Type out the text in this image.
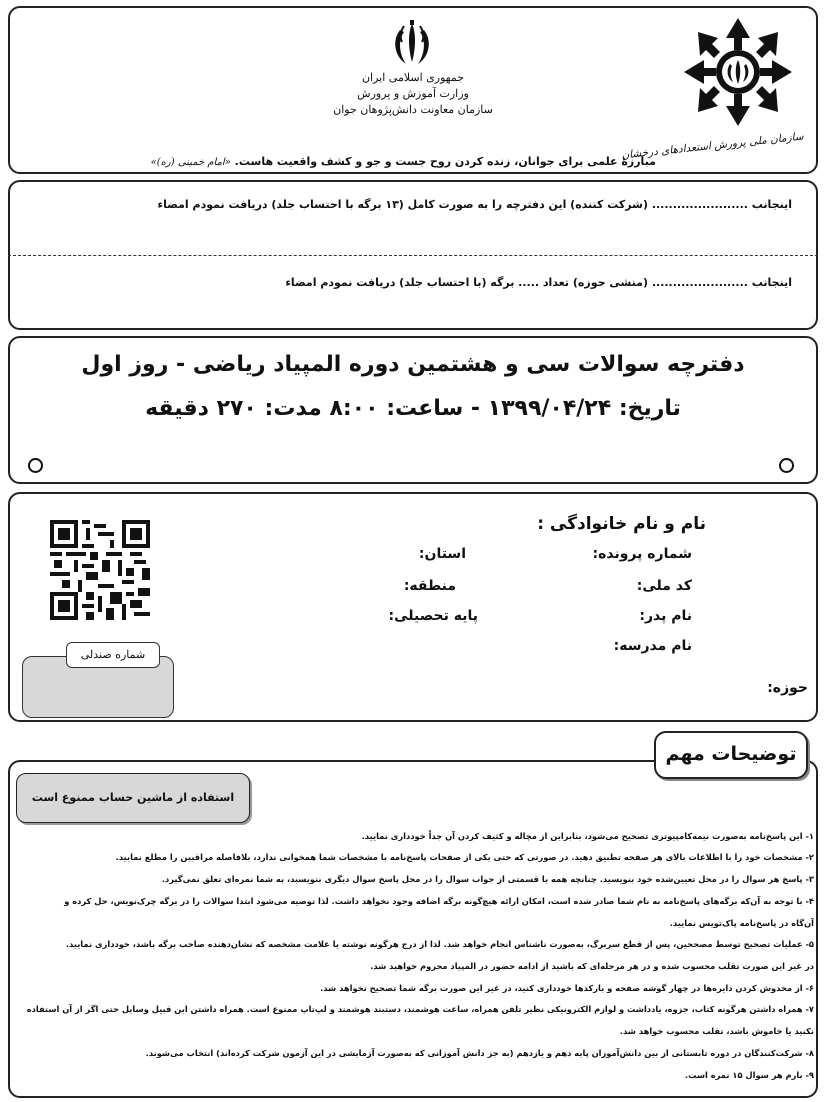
جمهوری اسلامی ایران
وزارت آموزش و پرورش
سازمان معاونت دانش‌پژوهان جوان
سازمان ملی پرورش استعدادهای درخشان
مبارزهٔ علمی برای جوانان، زنده کردن روح جست و جو و کشف واقعیت هاست. «امام خمینی (ره)»
اینجانب ....................... (شرکت کننده) این دفترچه را به صورت کامل (۱۳ برگه با احتساب جلد) دریافت نمودم امضاء
اینجانب ....................... (منشی حوزه) تعداد ..... برگه (با احتساب جلد) دریافت نمودم امضاء
دفترچه سوالات سی و هشتمین دوره المپیاد ریاضی - روز اول
تاریخ: ۱۳۹۹/۰۴/۲۴ - ساعت: ۸:۰۰ مدت: ۲۷۰ دقیقه
نام و نام خانوادگی :
شماره پرونده:
استان:
کد ملی:
منطقه:
نام پدر:
پایه تحصیلی:
نام مدرسه:
حوزه:
شماره صندلی
توضیحات مهم
استفاده از ماشین حساب ممنوع است
۱- این پاسخ‌نامه به‌صورت نیمه‌کامپیوتری تصحیح می‌شود، بنابراین از مچاله و کثیف کردن آن جداً خودداری نمایید.
۲- مشخصات خود را با اطلاعات بالای هر صفحه تطبیق دهید. در صورتی که حتی یکی از صفحات پاسخ‌نامه با مشخصات شما همخوانی ندارد، بلافاصله مراقبین را مطلع نمایید.
۳- پاسخ هر سوال را در محل تعیین‌شده خود بنویسید. چنانچه همه یا قسمتی از جواب سوال را در محل پاسخ سوال دیگری بنویسید، به شما نمره‌ای تعلق نمی‌گیرد.
۴- با توجه به آن‌که برگه‌های پاسخ‌نامه به نام شما صادر شده است، امکان ارائه هیچ‌گونه برگه اضافه وجود نخواهد داشت. لذا توصیه می‌شود ابتدا سوالات را در برگه چرک‌نویس، حل کرده و
آن‌گاه در پاسخ‌نامه پاک‌نویس نمایید.
۵- عملیات تصحیح توسط مصححین، پس از قطع سربرگ، به‌صورت ناشناس انجام خواهد شد. لذا از درج هرگونه نوشته یا علامت مشخصه که نشان‌دهنده صاحب برگه باشد، خودداری نمایید.
در غیر این صورت تقلب محسوب شده و در هر مرحله‌ای که باشید از ادامه حضور در المپیاد محروم خواهید شد.
۶- از مخدوش کردن دایره‌ها در چهار گوشه صفحه و بارکدها خودداری کنید، در غیر این صورت برگه شما تصحیح نخواهد شد.
۷- همراه داشتن هرگونه کتاب، جزوه، یادداشت و لوازم الکترونیکی نظیر تلفن همراه، ساعت هوشمند، دستبند هوشمند و لپ‌تاپ ممنوع است. همراه داشتن این قبیل وسایل حتی اگر از آن استفاده
نکنید یا خاموش باشد، تقلب محسوب خواهد شد.
۸- شرکت‌کنندگان در دوره تابستانی از بین دانش‌آموزان پایه دهم و یازدهم (به جز دانش آموزانی که به‌صورت آزمایشی در این آزمون شرکت کرده‌اند) انتخاب می‌شوند.
۹- بارم هر سوال ۱۵ نمره است.
